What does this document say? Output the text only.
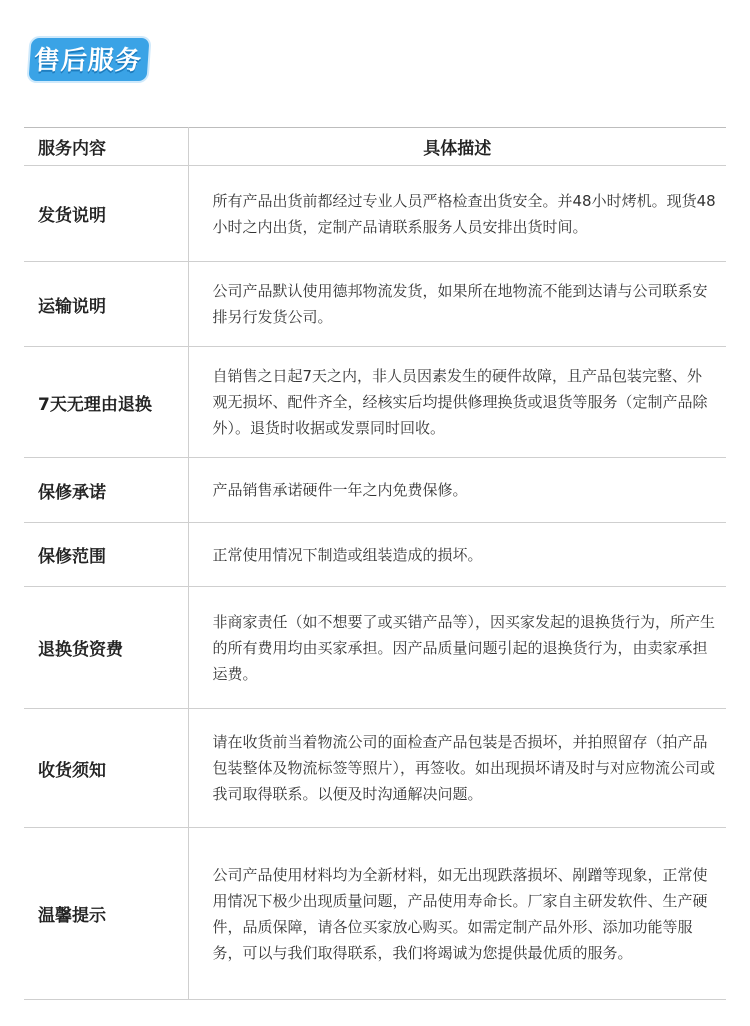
售后服务
服务内容	具体描述
发货说明	所有产品出货前都经过专业人员严格检查出货安全。并48小时烤机。现货48小时之内出货，定制产品请联系服务人员安排出货时间。
运输说明	公司产品默认使用德邦物流发货，如果所在地物流不能到达请与公司联系安排另行发货公司。
7天无理由退换	自销售之日起7天之内，非人员因素发生的硬件故障，且产品包装完整、外观无损坏、配件齐全，经核实后均提供修理换货或退货等服务（定制产品除外）。退货时收据或发票同时回收。
保修承诺	产品销售承诺硬件一年之内免费保修。
保修范围	正常使用情况下制造或组装造成的损坏。
退换货资费	非商家责任（如不想要了或买错产品等），因买家发起的退换货行为，所产生的所有费用均由买家承担。因产品质量问题引起的退换货行为，由卖家承担运费。
收货须知	请在收货前当着物流公司的面检查产品包装是否损坏，并拍照留存（拍产品包装整体及物流标签等照片），再签收。如出现损坏请及时与对应物流公司或我司取得联系。以便及时沟通解决问题。
温馨提示	公司产品使用材料均为全新材料，如无出现跌落损坏、剐蹭等现象，正常使用情况下极少出现质量问题，产品使用寿命长。厂家自主研发软件、生产硬件，品质保障，请各位买家放心购买。如需定制产品外形、添加功能等服务，可以与我们取得联系，我们将竭诚为您提供最优质的服务。
